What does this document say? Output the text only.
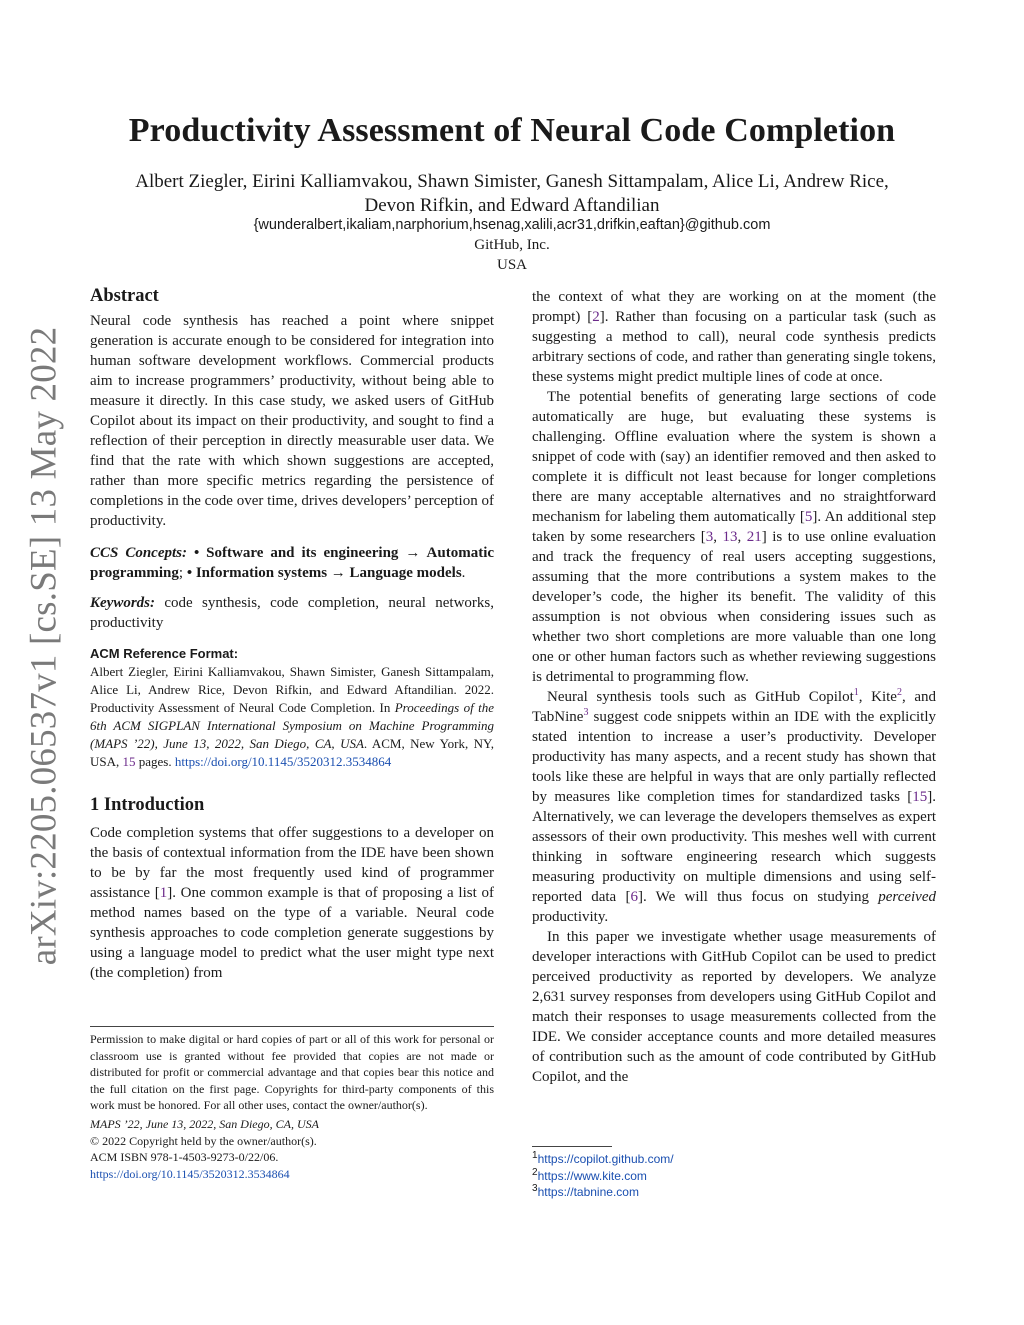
arXiv:2205.06537v1 [cs.SE] 13 May 2022
Productivity Assessment of Neural Code Completion
Albert Ziegler, Eirini Kalliamvakou, Shawn Simister, Ganesh Sittampalam, Alice Li, Andrew Rice,
Devon Rifkin, and Edward Aftandilian
{wunderalbert,ikaliam,narphorium,hsenag,xalili,acr31,drifkin,eaftan}@github.com
GitHub, Inc.
USA
Abstract

Neural code synthesis has reached a point where snippet generation is accurate enough to be considered for integration into human software development workflows. Commercial products aim to increase programmers’ productivity, without being able to measure it directly. In this case study, we asked users of GitHub Copilot about its impact on their productivity, and sought to find a reflection of their perception in directly measurable user data. We find that the rate with which shown suggestions are accepted, rather than more specific metrics regarding the persistence of completions in the code over time, drives developers’ perception of productivity.

CCS Concepts: • Software and its engineering → Automatic programming; • Information systems → Language models.

Keywords: code synthesis, code completion, neural networks, productivity

ACM Reference Format:
Albert Ziegler, Eirini Kalliamvakou, Shawn Simister, Ganesh Sittampalam, Alice Li, Andrew Rice, Devon Rifkin, and Edward Aftandilian. 2022. Productivity Assessment of Neural Code Completion. In Proceedings of the 6th ACM SIGPLAN International Symposium on Machine Programming (MAPS ’22), June 13, 2022, San Diego, CA, USA. ACM, New York, NY, USA, 15 pages. https://doi.org/10.1145/3520312.3534864
1 Introduction

Code completion systems that offer suggestions to a developer on the basis of contextual information from the IDE have been shown to be by far the most frequently used kind of programmer assistance [1]. One common example is that of proposing a list of method names based on the type of a variable. Neural code synthesis approaches to code completion generate suggestions by using a language model to predict what the user might type next (the completion) from

the context of what they are working on at the moment (the prompt) [2]. Rather than focusing on a particular task (such as suggesting a method to call), neural code synthesis predicts arbitrary sections of code, and rather than generating single tokens, these systems might predict multiple lines of code at once.

The potential benefits of generating large sections of code automatically are huge, but evaluating these systems is challenging. Offline evaluation where the system is shown a snippet of code with (say) an identifier removed and then asked to complete it is difficult not least because for longer completions there are many acceptable alternatives and no straightforward mechanism for labeling them automatically [5]. An additional step taken by some researchers [3, 13, 21] is to use online evaluation and track the frequency of real users accepting suggestions, assuming that the more contributions a system makes to the developer’s code, the higher its benefit. The validity of this assumption is not obvious when considering issues such as whether two short completions are more valuable than one long one or other human factors such as whether reviewing suggestions is detrimental to programming flow.

Neural synthesis tools such as GitHub Copilot$^1$, Kite$^2$, and TabNine$^3$ suggest code snippets within an IDE with the explicitly stated intention to increase a user’s productivity. Developer productivity has many aspects, and a recent study has shown that tools like these are helpful in ways that are only partially reflected by measures like completion times for standardized tasks [15]. Alternatively, we can leverage the developers themselves as expert assessors of their own productivity. This meshes well with current thinking in software engineering research which suggests measuring productivity on multiple dimensions and using self-reported data [6]. We will thus focus on studying perceived productivity.

In this paper we investigate whether usage measurements of developer interactions with GitHub Copilot can be used to predict perceived productivity as reported by developers. We analyze 2,631 survey responses from developers using GitHub Copilot and match their responses to usage measurements collected from the IDE. We consider acceptance counts and more detailed measures of contribution such as the amount of code contributed by GitHub Copilot, and the

Permission to make digital or hard copies of part or all of this work for personal or classroom use is granted without fee provided that copies are not made or distributed for profit or commercial advantage and that copies bear this notice and the full citation on the first page. Copyrights for third-party components of this work must be honored. For all other uses, contact the owner/author(s).

MAPS ’22, June 13, 2022, San Diego, CA, USA

© 2022 Copyright held by the owner/author(s).

ACM ISBN 978-1-4503-9273-0/22/06.

https://doi.org/10.1145/3520312.3534864

$^1$https://copilot.github.com/

$^2$https://www.kite.com

$^3$https://tabnine.com
